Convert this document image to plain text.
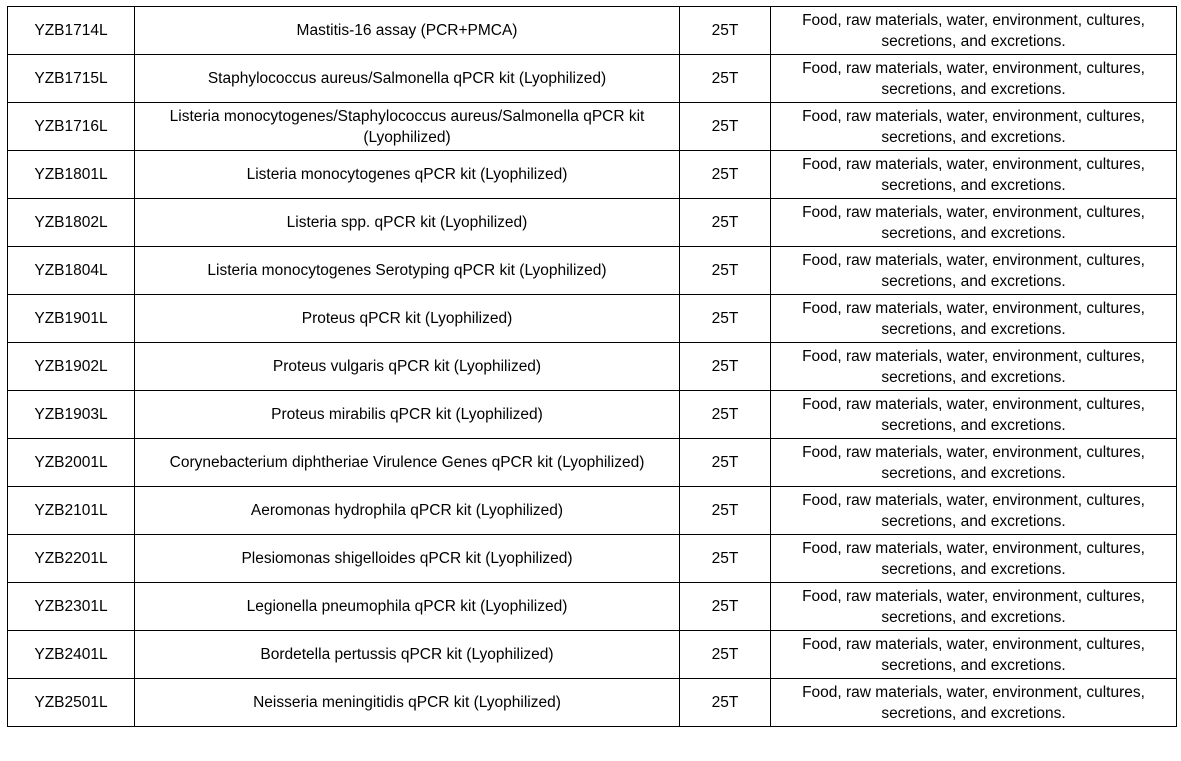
YZB1714L	Mastitis-16 assay (PCR+PMCA)	25T	Food, raw materials, water, environment, cultures, secretions, and excretions.
YZB1715L	Staphylococcus aureus/Salmonella qPCR kit (Lyophilized)	25T	Food, raw materials, water, environment, cultures, secretions, and excretions.
YZB1716L	Listeria monocytogenes/Staphylococcus aureus/Salmonella qPCR kit (Lyophilized)	25T	Food, raw materials, water, environment, cultures, secretions, and excretions.
YZB1801L	Listeria monocytogenes qPCR kit (Lyophilized)	25T	Food, raw materials, water, environment, cultures, secretions, and excretions.
YZB1802L	Listeria spp. qPCR kit (Lyophilized)	25T	Food, raw materials, water, environment, cultures, secretions, and excretions.
YZB1804L	Listeria monocytogenes Serotyping qPCR kit (Lyophilized)	25T	Food, raw materials, water, environment, cultures, secretions, and excretions.
YZB1901L	Proteus qPCR kit (Lyophilized)	25T	Food, raw materials, water, environment, cultures, secretions, and excretions.
YZB1902L	Proteus vulgaris qPCR kit (Lyophilized)	25T	Food, raw materials, water, environment, cultures, secretions, and excretions.
YZB1903L	Proteus mirabilis qPCR kit (Lyophilized)	25T	Food, raw materials, water, environment, cultures, secretions, and excretions.
YZB2001L	Corynebacterium diphtheriae Virulence Genes qPCR kit (Lyophilized)	25T	Food, raw materials, water, environment, cultures, secretions, and excretions.
YZB2101L	Aeromonas hydrophila qPCR kit (Lyophilized)	25T	Food, raw materials, water, environment, cultures, secretions, and excretions.
YZB2201L	Plesiomonas shigelloides qPCR kit (Lyophilized)	25T	Food, raw materials, water, environment, cultures, secretions, and excretions.
YZB2301L	Legionella pneumophila qPCR kit (Lyophilized)	25T	Food, raw materials, water, environment, cultures, secretions, and excretions.
YZB2401L	Bordetella pertussis qPCR kit (Lyophilized)	25T	Food, raw materials, water, environment, cultures, secretions, and excretions.
YZB2501L	Neisseria meningitidis qPCR kit (Lyophilized)	25T	Food, raw materials, water, environment, cultures, secretions, and excretions.
